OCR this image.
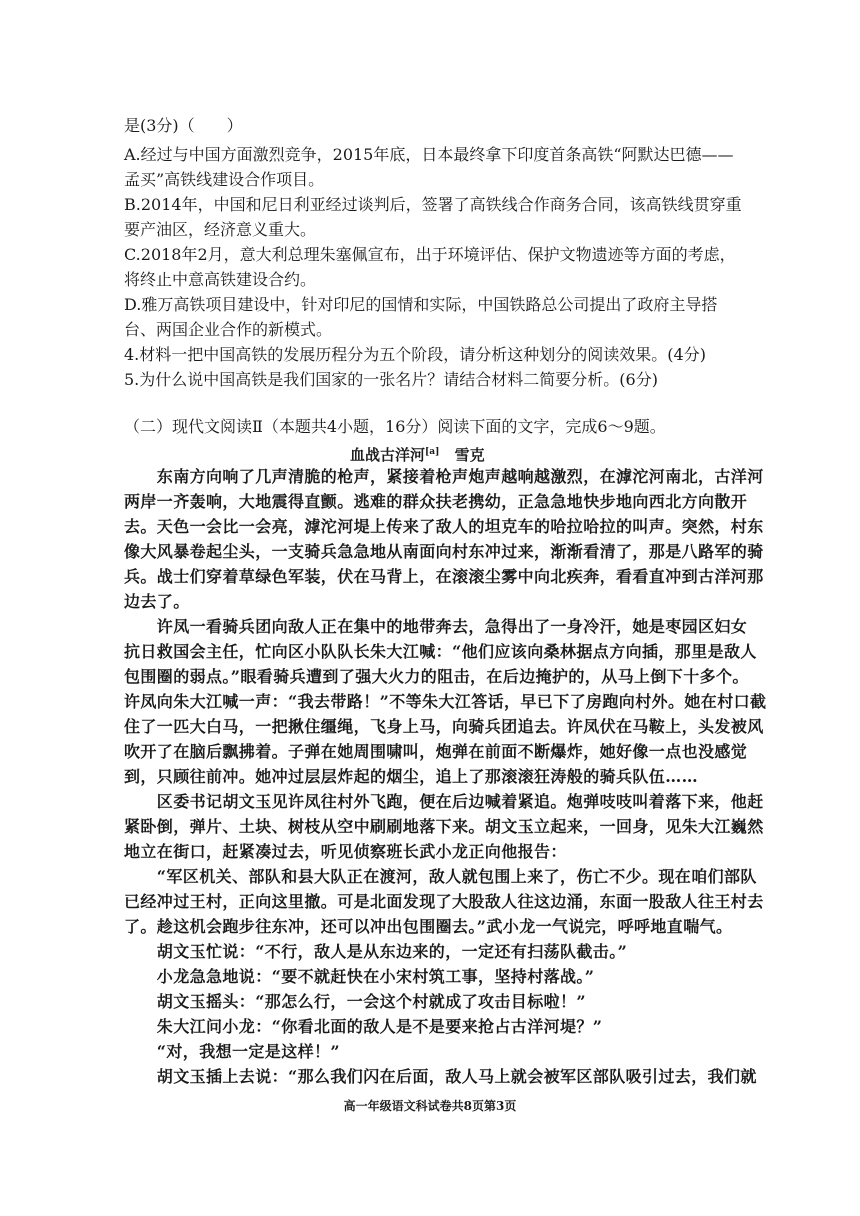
是(3分)（　　）
A.经过与中国方面激烈竞争，2015年底，日本最终拿下印度首条高铁“阿默达巴德——
孟买”高铁线建设合作项目。
B.2014年，中国和尼日利亚经过谈判后，签署了高铁线合作商务合同，该高铁线贯穿重
要产油区，经济意义重大。
C.2018年2月，意大利总理朱塞佩宣布，出于环境评估、保护文物遗迹等方面的考虑，
将终止中意高铁建设合约。
D.雅万高铁项目建设中，针对印尼的国情和实际，中国铁路总公司提出了政府主导搭
台、两国企业合作的新模式。
4.材料一把中国高铁的发展历程分为五个阶段，请分析这种划分的阅读效果。(4分)
5.为什么说中国高铁是我们国家的一张名片？请结合材料二简要分析。(6分)
（二）现代文阅读Ⅱ（本题共4小题，16分）阅读下面的文字，完成6～9题。
血战古洋河[a] 雪克
　　东南方向响了几声清脆的枪声，紧接着枪声炮声越响越激烈，在滹沱河南北，古洋河
两岸一齐轰响，大地震得直颤。逃难的群众扶老携幼，正急急地快步地向西北方向散开
去。天色一会比一会亮，滹沱河堤上传来了敌人的坦克车的哈拉哈拉的叫声。突然，村东
像大风暴卷起尘头，一支骑兵急急地从南面向村东冲过来，渐渐看清了，那是八路军的骑
兵。战士们穿着草绿色军装，伏在马背上，在滚滚尘雾中向北疾奔，看看直冲到古洋河那
边去了。
　　许凤一看骑兵团向敌人正在集中的地带奔去，急得出了一身冷汗，她是枣园区妇女
抗日救国会主任，忙向区小队队长朱大江喊：“他们应该向桑林据点方向插，那里是敌人
包围圈的弱点。”眼看骑兵遭到了强大火力的阻击，在后边掩护的，从马上倒下十多个。
许凤向朱大江喊一声：“我去带路！”不等朱大江答话，早已下了房跑向村外。她在村口截
住了一匹大白马，一把揪住缰绳，飞身上马，向骑兵团追去。许凤伏在马鞍上，头发被风
吹开了在脑后飘拂着。子弹在她周围啸叫，炮弹在前面不断爆炸，她好像一点也没感觉
到，只顾往前冲。她冲过层层炸起的烟尘，追上了那滚滚狂涛般的骑兵队伍……
　　区委书记胡文玉见许凤往村外飞跑，便在后边喊着紧追。炮弹吱吱叫着落下来，他赶
紧卧倒，弹片、土块、树枝从空中刷刷地落下来。胡文玉立起来，一回身，见朱大江巍然
地立在街口，赶紧凑过去，听见侦察班长武小龙正向他报告：
　　“军区机关、部队和县大队正在渡河，敌人就包围上来了，伤亡不少。现在咱们部队
已经冲过王村，正向这里撤。可是北面发现了大股敌人往这边涌，东面一股敌人往王村去
了。趁这机会跑步往东冲，还可以冲出包围圈去。”武小龙一气说完，呼呼地直喘气。
　　胡文玉忙说：“不行，敌人是从东边来的，一定还有扫荡队截击。”
　　小龙急急地说：“要不就赶快在小宋村筑工事，坚持村落战。”
　　胡文玉摇头：“那怎么行，一会这个村就成了攻击目标啦！”
　　朱大江问小龙：“你看北面的敌人是不是要来抢占古洋河堤？”
　　“对，我想一定是这样！”
　　胡文玉插上去说：“那么我们闪在后面，敌人马上就会被军区部队吸引过去，我们就
高一年级语文科试卷共8页第3页
